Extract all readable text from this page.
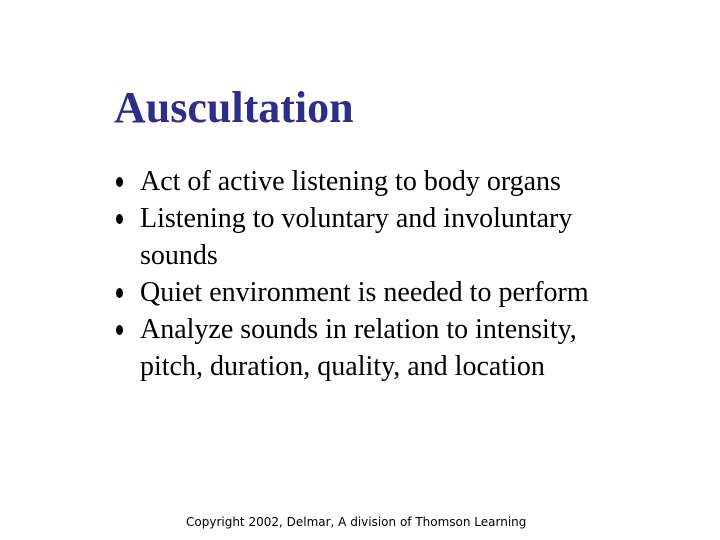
Auscultation
Act of active listening to body organs
Listening to voluntary and involuntary sounds
Quiet environment is needed to perform
Analyze sounds in relation to intensity, pitch, duration, quality, and location
Copyright 2002, Delmar, A division of Thomson Learning
